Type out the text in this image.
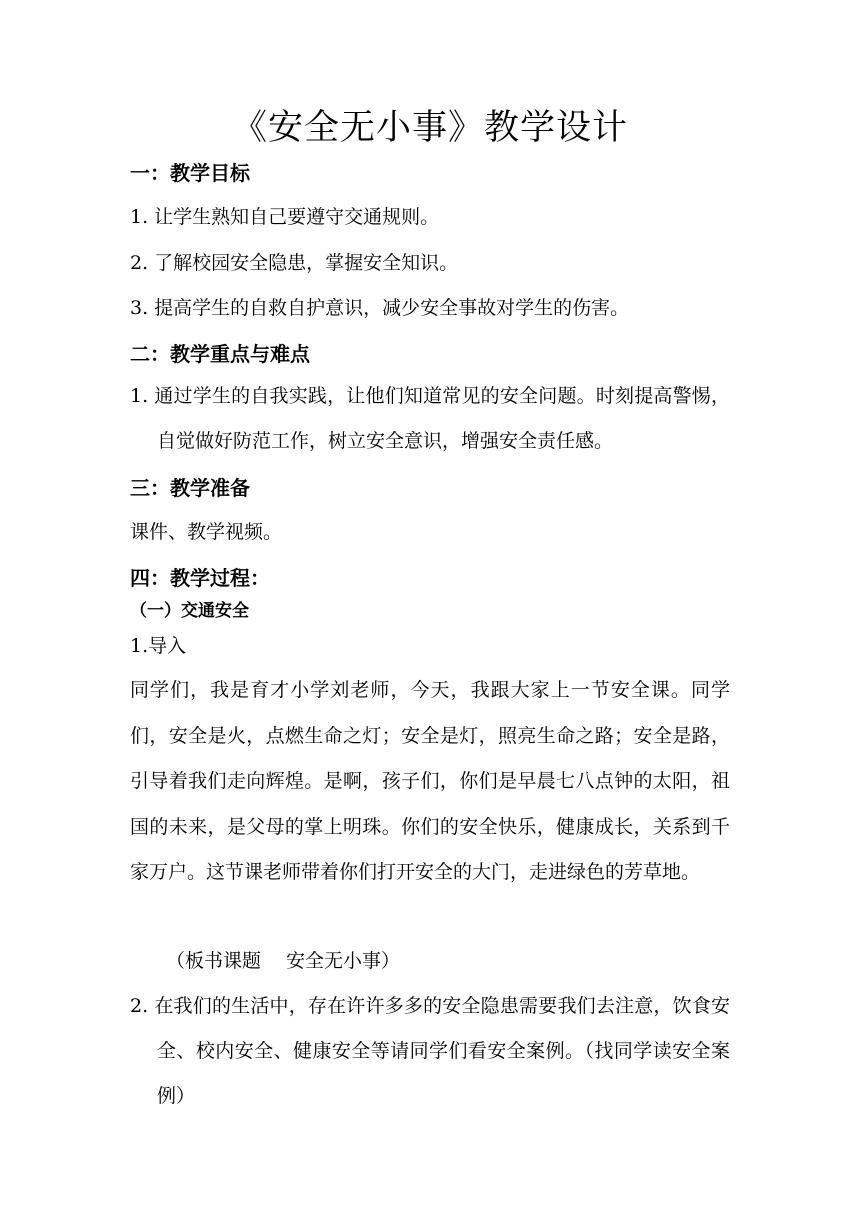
《安全无小事》教学设计
一：教学目标
1. 让学生熟知自己要遵守交通规则。
2. 了解校园安全隐患，掌握安全知识。
3. 提高学生的自救自护意识，减少安全事故对学生的伤害。
二：教学重点与难点
1. 通过学生的自我实践，让他们知道常见的安全问题。时刻提高警惕，自觉做好防范工作，树立安全意识，增强安全责任感。
三：教学准备
课件、教学视频。
四：教学过程：
（一）交通安全
1.导入
同学们，我是育才小学刘老师，今天，我跟大家上一节安全课。同学们，安全是火，点燃生命之灯；安全是灯，照亮生命之路；安全是路，引导着我们走向辉煌。是啊，孩子们，你们是早晨七八点钟的太阳，祖国的未来，是父母的掌上明珠。你们的安全快乐，健康成长，关系到千家万户。这节课老师带着你们打开安全的大门，走进绿色的芳草地。
（板书课题　 安全无小事）
2. 在我们的生活中，存在许许多多的安全隐患需要我们去注意，饮食安全、校内安全、健康安全等请同学们看安全案例。（找同学读安全案例）
